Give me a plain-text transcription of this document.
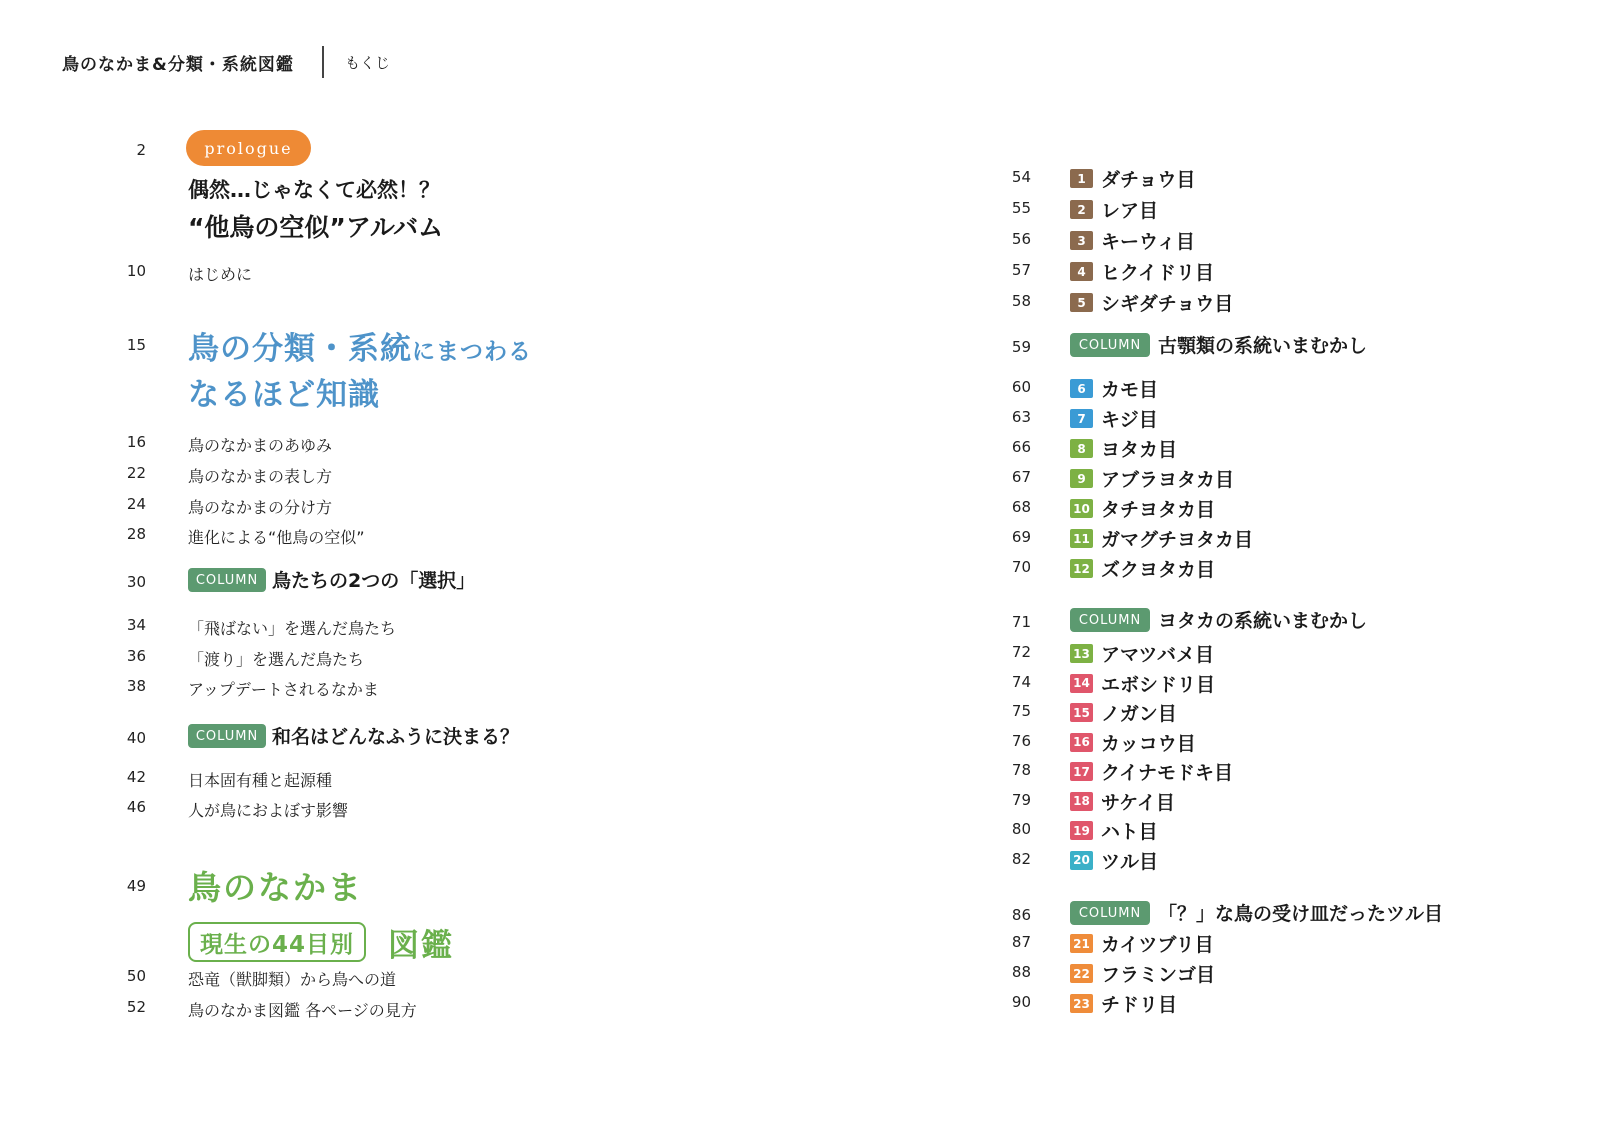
鳥のなかま&分類・系統図鑑	もくじ
2	prologue
偶然…じゃなくて必然！？
“他鳥の空似”アルバム
10	はじめに
15 鳥の分類・系統にまつわる
なるほど知識
16	鳥のなかまのあゆみ
22	鳥のなかまの表し方
24	鳥のなかまの分け方
28	進化による“他鳥の空似”
30	COLUMN 鳥たちの2つの「選択」
34	「飛ばない」を選んだ鳥たち
36	「渡り」を選んだ鳥たち
38	アップデートされるなかま
40	COLUMN 和名はどんなふうに決まる？
42	日本固有種と起源種
46	人が鳥におよぼす影響
49 鳥のなかま
現生の44目別	図鑑
50	恐竜（獣脚類）から鳥への道
52	鳥のなかま図鑑 各ページの見方
54	1 ダチョウ目
55	2 レア目
56	3 キーウィ目
57	4 ヒクイドリ目
58	5 シギダチョウ目
59	COLUMN 古顎類の系統いまむかし
60	6 カモ目
63	7 キジ目
66	8 ヨタカ目
67	9 アブラヨタカ目
68	10 タチヨタカ目
69	11 ガマグチヨタカ目
70	12 ズクヨタカ目
71	COLUMN ヨタカの系統いまむかし
72	13 アマツバメ目
74	14 エボシドリ目
75	15 ノガン目
76	16 カッコウ目
78	17 クイナモドキ目
79	18 サケイ目
80	19 ハト目
82	20 ツル目
86	COLUMN 「？」な鳥の受け皿だったツル目
87	21 カイツブリ目
88	22 フラミンゴ目
90	23 チドリ目
